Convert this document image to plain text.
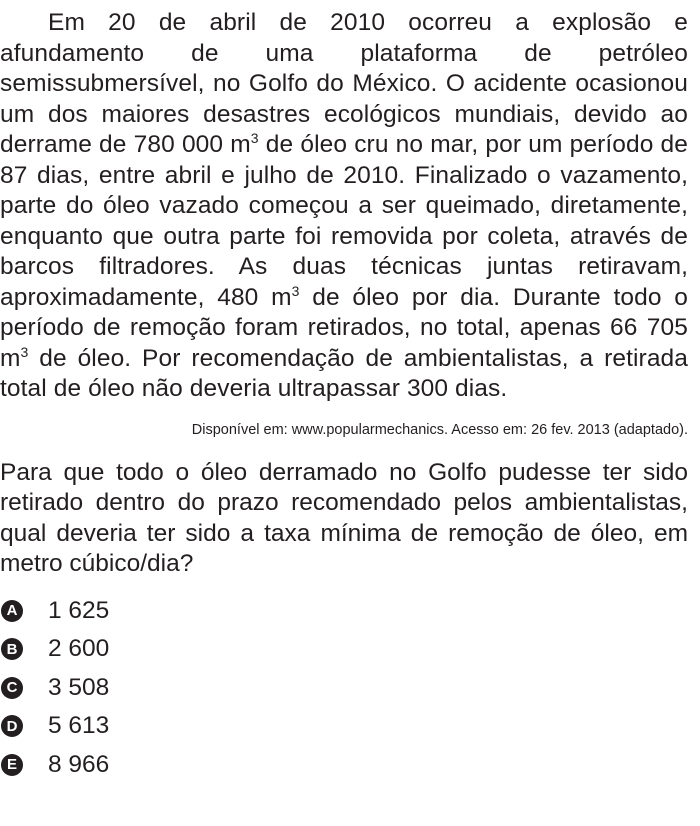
Em 20 de abril de 2010 ocorreu a explosão e afundamento de uma plataforma de petróleo semissubmersível, no Golfo do México. O acidente ocasionou um dos maiores desastres ecológicos mundiais, devido ao derrame de 780 000 $m^3$ de óleo cru no mar, por um período de 87 dias, entre abril e julho de 2010. Finalizado o vazamento, parte do óleo vazado começou a ser queimado, diretamente, enquanto que outra parte foi removida por coleta, através de barcos filtradores. As duas técnicas juntas retiravam, aproximadamente, 480 $m^3$ de óleo por dia. Durante todo o período de remoção foram retirados, no total, apenas 66 705 $m^3$ de óleo. Por recomendação de ambientalistas, a retirada total de óleo não deveria ultrapassar 300 dias.

Disponível em: www.popularmechanics. Acesso em: 26 fev. 2013 (adaptado).

Para que todo o óleo derramado no Golfo pudesse ter sido retirado dentro do prazo recomendado pelos ambientalistas, qual deveria ter sido a taxa mínima de remoção de óleo, em metro cúbico/dia?

A 1 625
B 2 600
C 3 508
D 5 613
E 8 966
